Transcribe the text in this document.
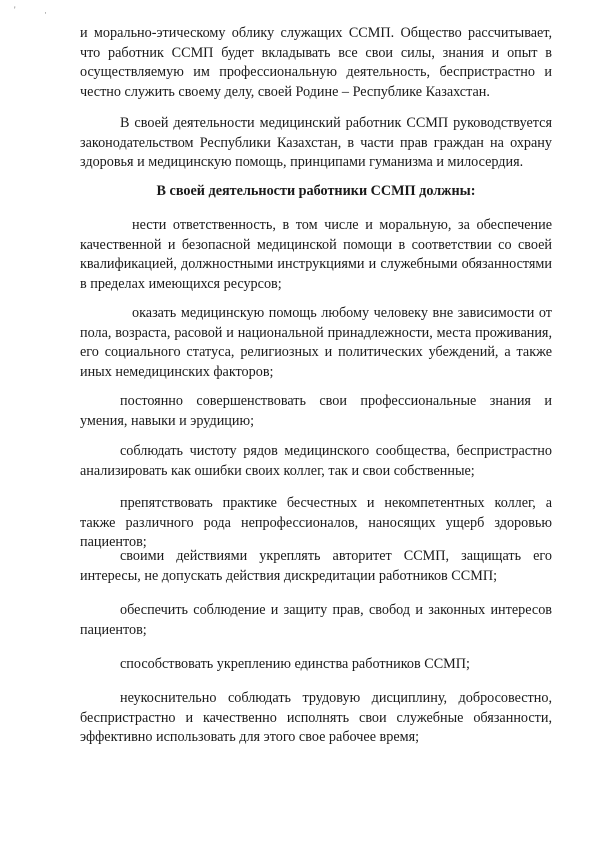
'	·

и морально-этическому облику служащих ССМП. Общество рассчитывает, что работник ССМП будет вкладывать все свои силы, знания и опыт в осуществляемую им профессиональную деятельность, беспристрастно и честно служить своему делу, своей Родине – Республике Казахстан.

В своей деятельности медицинский работник ССМП руководствуется законодательством Республики Казахстан, в части прав граждан на охрану здоровья и медицинскую помощь, принципами гуманизма и милосердия.

В своей деятельности работники ССМП должны:

нести ответственность, в том числе и моральную, за обеспечение качественной и безопасной медицинской помощи в соответствии со своей квалификацией, должностными инструкциями и служебными обязанностями в пределах имеющихся ресурсов;

оказать медицинскую помощь любому человеку вне зависимости от пола, возраста, расовой и национальной принадлежности, места проживания, его социального статуса, религиозных и политических убеждений, а также иных немедицинских факторов;

постоянно совершенствовать свои профессиональные знания и умения, навыки и эрудицию;

соблюдать чистоту рядов медицинского сообщества, беспристрастно анализировать как ошибки своих коллег, так и свои собственные;

препятствовать практике бесчестных и некомпетентных коллег, а также различного рода непрофессионалов, наносящих ущерб здоровью пациентов;

своими действиями укреплять авторитет ССМП, защищать его интересы, не допускать действия дискредитации работников ССМП;

обеспечить соблюдение и защиту прав, свобод и законных интересов пациентов;

способствовать укреплению единства работников ССМП;

неукоснительно соблюдать трудовую дисциплину, добросовестно, беспристрастно и качественно исполнять свои служебные обязанности, эффективно использовать для этого свое рабочее время;
